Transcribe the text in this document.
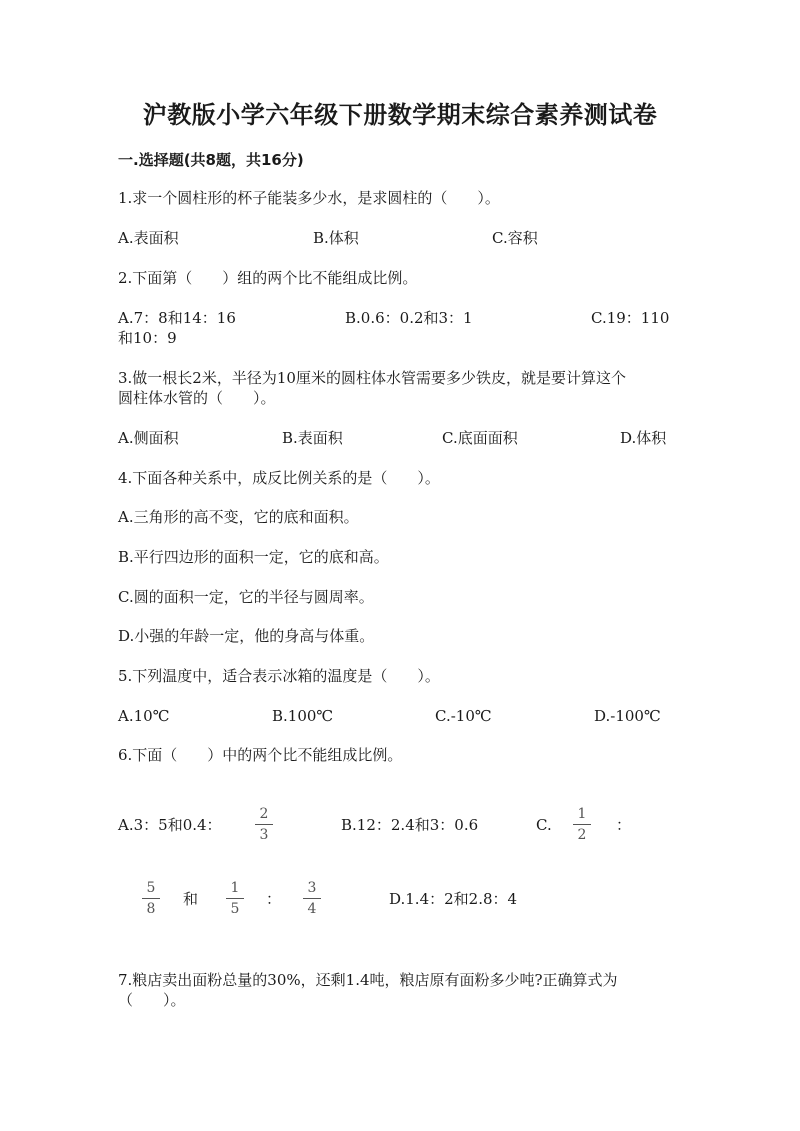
沪教版小学六年级下册数学期末综合素养测试卷
一.选择题(共8题，共16分)
1.求一个圆柱形的杯子能装多少水，是求圆柱的（　　）。
A.表面积	B.体积	C.容积
2.下面第（　　）组的两个比不能组成比例。
A.7：8和14：16	B.0.6：0.2和3：1	C.19：110
和10：9
3.做一根长2米，半径为10厘米的圆柱体水管需要多少铁皮，就是要计算这个
圆柱体水管的（　　）。
A.侧面积	B.表面积	C.底面面积	D.体积
4.下面各种关系中，成反比例关系的是（　　）。
A.三角形的高不变，它的底和面积。
B.平行四边形的面积一定，它的底和高。
C.圆的面积一定，它的半径与圆周率。
D.小强的年龄一定，他的身高与体重。
5.下列温度中，适合表示冰箱的温度是（　　）。
A.10℃	B.100℃	C.-10℃	D.-100℃
6.下面（　　）中的两个比不能组成比例。
A.3：5和0.4：
2
3
B.12：2.4和3：0.6	C.
1
2
：
5
8
和
1
5
：
3
4
D.1.4：2和2.8：4
7.粮店卖出面粉总量的30%，还剩1.4吨，粮店原有面粉多少吨?正确算式为
（　　）。
